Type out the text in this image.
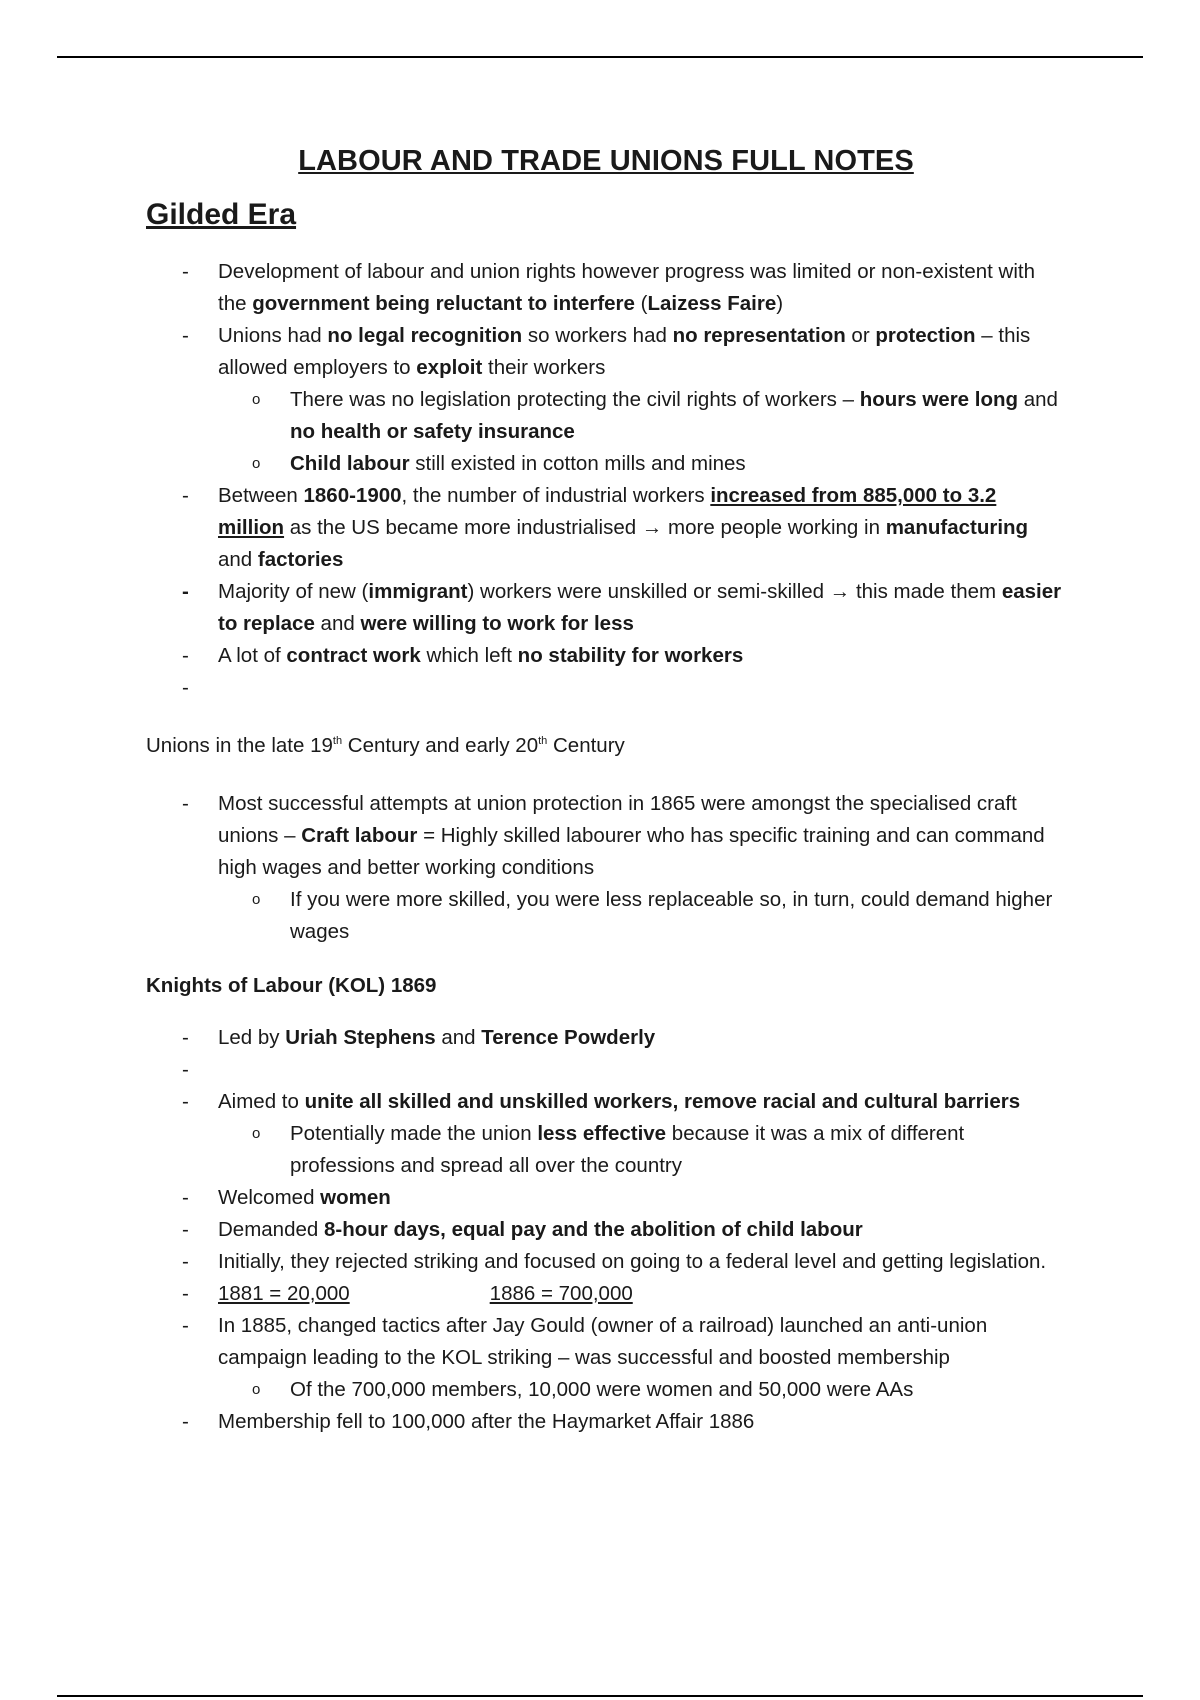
LABOUR AND TRADE UNIONS FULL NOTES
Gilded Era
- Development of labour and union rights however progress was limited or non-existent with the government being reluctant to interfere (Laizess Faire)
- Unions had no legal recognition so workers had no representation or protection – this allowed employers to exploit their workers
o	There was no legislation protecting the civil rights of workers – hours were long and no health or safety insurance
o	Child labour still existed in cotton mills and mines
- Between 1860-1900, the number of industrial workers increased from 885,000 to 3.2 million as the US became more industrialised → more people working in manufacturing and factories
- Majority of new (immigrant) workers were unskilled or semi-skilled → this made them easier to replace and were willing to work for less
- A lot of contract work which left no stability for workers
-

Unions in the late 19th Century and early 20th Century
- Most successful attempts at union protection in 1865 were amongst the specialised craft unions – Craft labour = Highly skilled labourer who has specific training and can command high wages and better working conditions
o	If you were more skilled, you were less replaceable so, in turn, could demand higher wages
Knights of Labour (KOL) 1869
- Led by Uriah Stephens and Terence Powderly
-

- Aimed to unite all skilled and unskilled workers, remove racial and cultural barriers
o	Potentially made the union less effective because it was a mix of different professions and spread all over the country
- Welcomed women
- Demanded 8-hour days, equal pay and the abolition of child labour
- Initially, they rejected striking and focused on going to a federal level and getting legislation.
- 1881 = 20,000	1886 = 700,000
- In 1885, changed tactics after Jay Gould (owner of a railroad) launched an anti-union campaign leading to the KOL striking – was successful and boosted membership
o	Of the 700,000 members, 10,000 were women and 50,000 were AAs
- Membership fell to 100,000 after the Haymarket Affair 1886
